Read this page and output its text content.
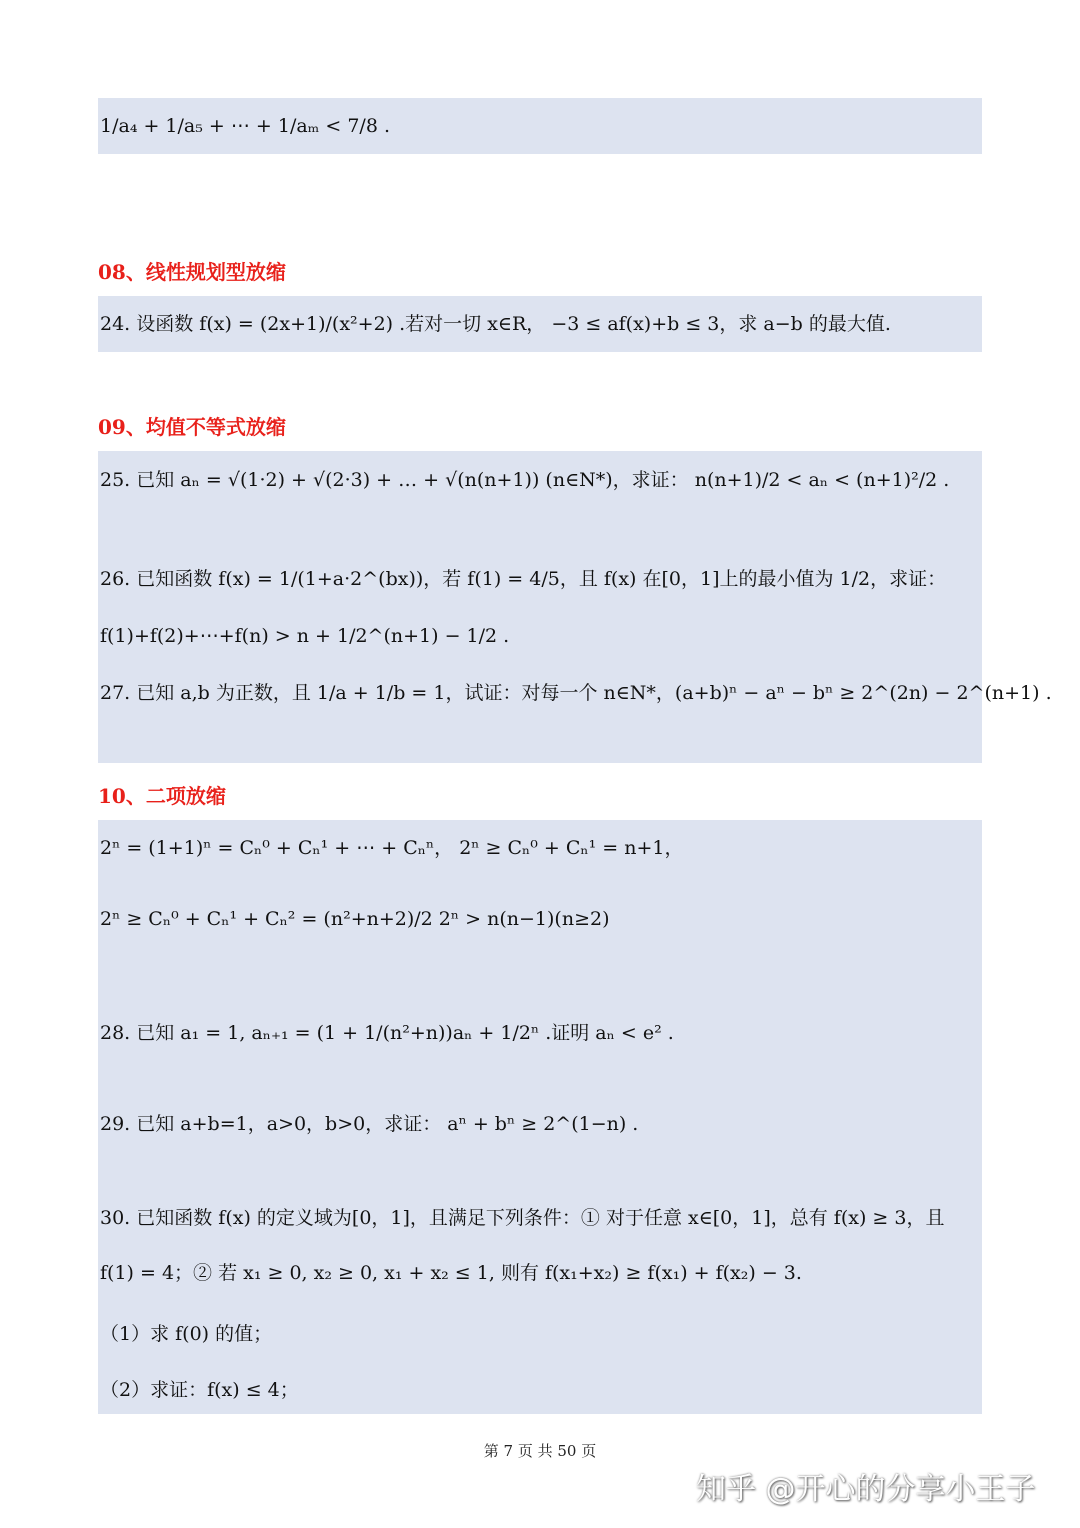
1/a₄ + 1/a₅ + ⋯ + 1/aₘ < 7/8 .
08、线性规划型放缩
24. 设函数 f(x) = (2x+1)/(x²+2) .若对一切 x∈R， −3 ≤ af(x)+b ≤ 3，求 a−b 的最大值.
09、均值不等式放缩
25. 已知 aₙ = √(1·2) + √(2·3) + … + √(n(n+1)) (n∈N*)，求证： n(n+1)/2 < aₙ < (n+1)²/2 .
26. 已知函数 f(x) = 1/(1+a·2^(bx))，若 f(1) = 4/5，且 f(x) 在[0，1]上的最小值为 1/2，求证：
f(1)+f(2)+⋯+f(n) > n + 1/2^(n+1) − 1/2 .
27. 已知 a,b 为正数，且 1/a + 1/b = 1，试证：对每一个 n∈N*，(a+b)ⁿ − aⁿ − bⁿ ≥ 2^(2n) − 2^(n+1) .
10、二项放缩
2ⁿ = (1+1)ⁿ = Cₙ⁰ + Cₙ¹ + ⋯ + Cₙⁿ， 2ⁿ ≥ Cₙ⁰ + Cₙ¹ = n+1，
2ⁿ ≥ Cₙ⁰ + Cₙ¹ + Cₙ² = (n²+n+2)/2 2ⁿ > n(n−1)(n≥2)
28. 已知 a₁ = 1, aₙ₊₁ = (1 + 1/(n²+n))aₙ + 1/2ⁿ .证明 aₙ < e² .
29. 已知 a+b=1，a>0，b>0，求证： aⁿ + bⁿ ≥ 2^(1−n) .
30. 已知函数 f(x) 的定义域为[0，1]，且满足下列条件：① 对于任意 x∈[0，1]，总有 f(x) ≥ 3，且
f(1) = 4；② 若 x₁ ≥ 0, x₂ ≥ 0, x₁ + x₂ ≤ 1, 则有 f(x₁+x₂) ≥ f(x₁) + f(x₂) − 3.
（1）求 f(0) 的值；
（2）求证：f(x) ≤ 4；
第 7 页 共 50 页
知乎 @开心的分享小王子
